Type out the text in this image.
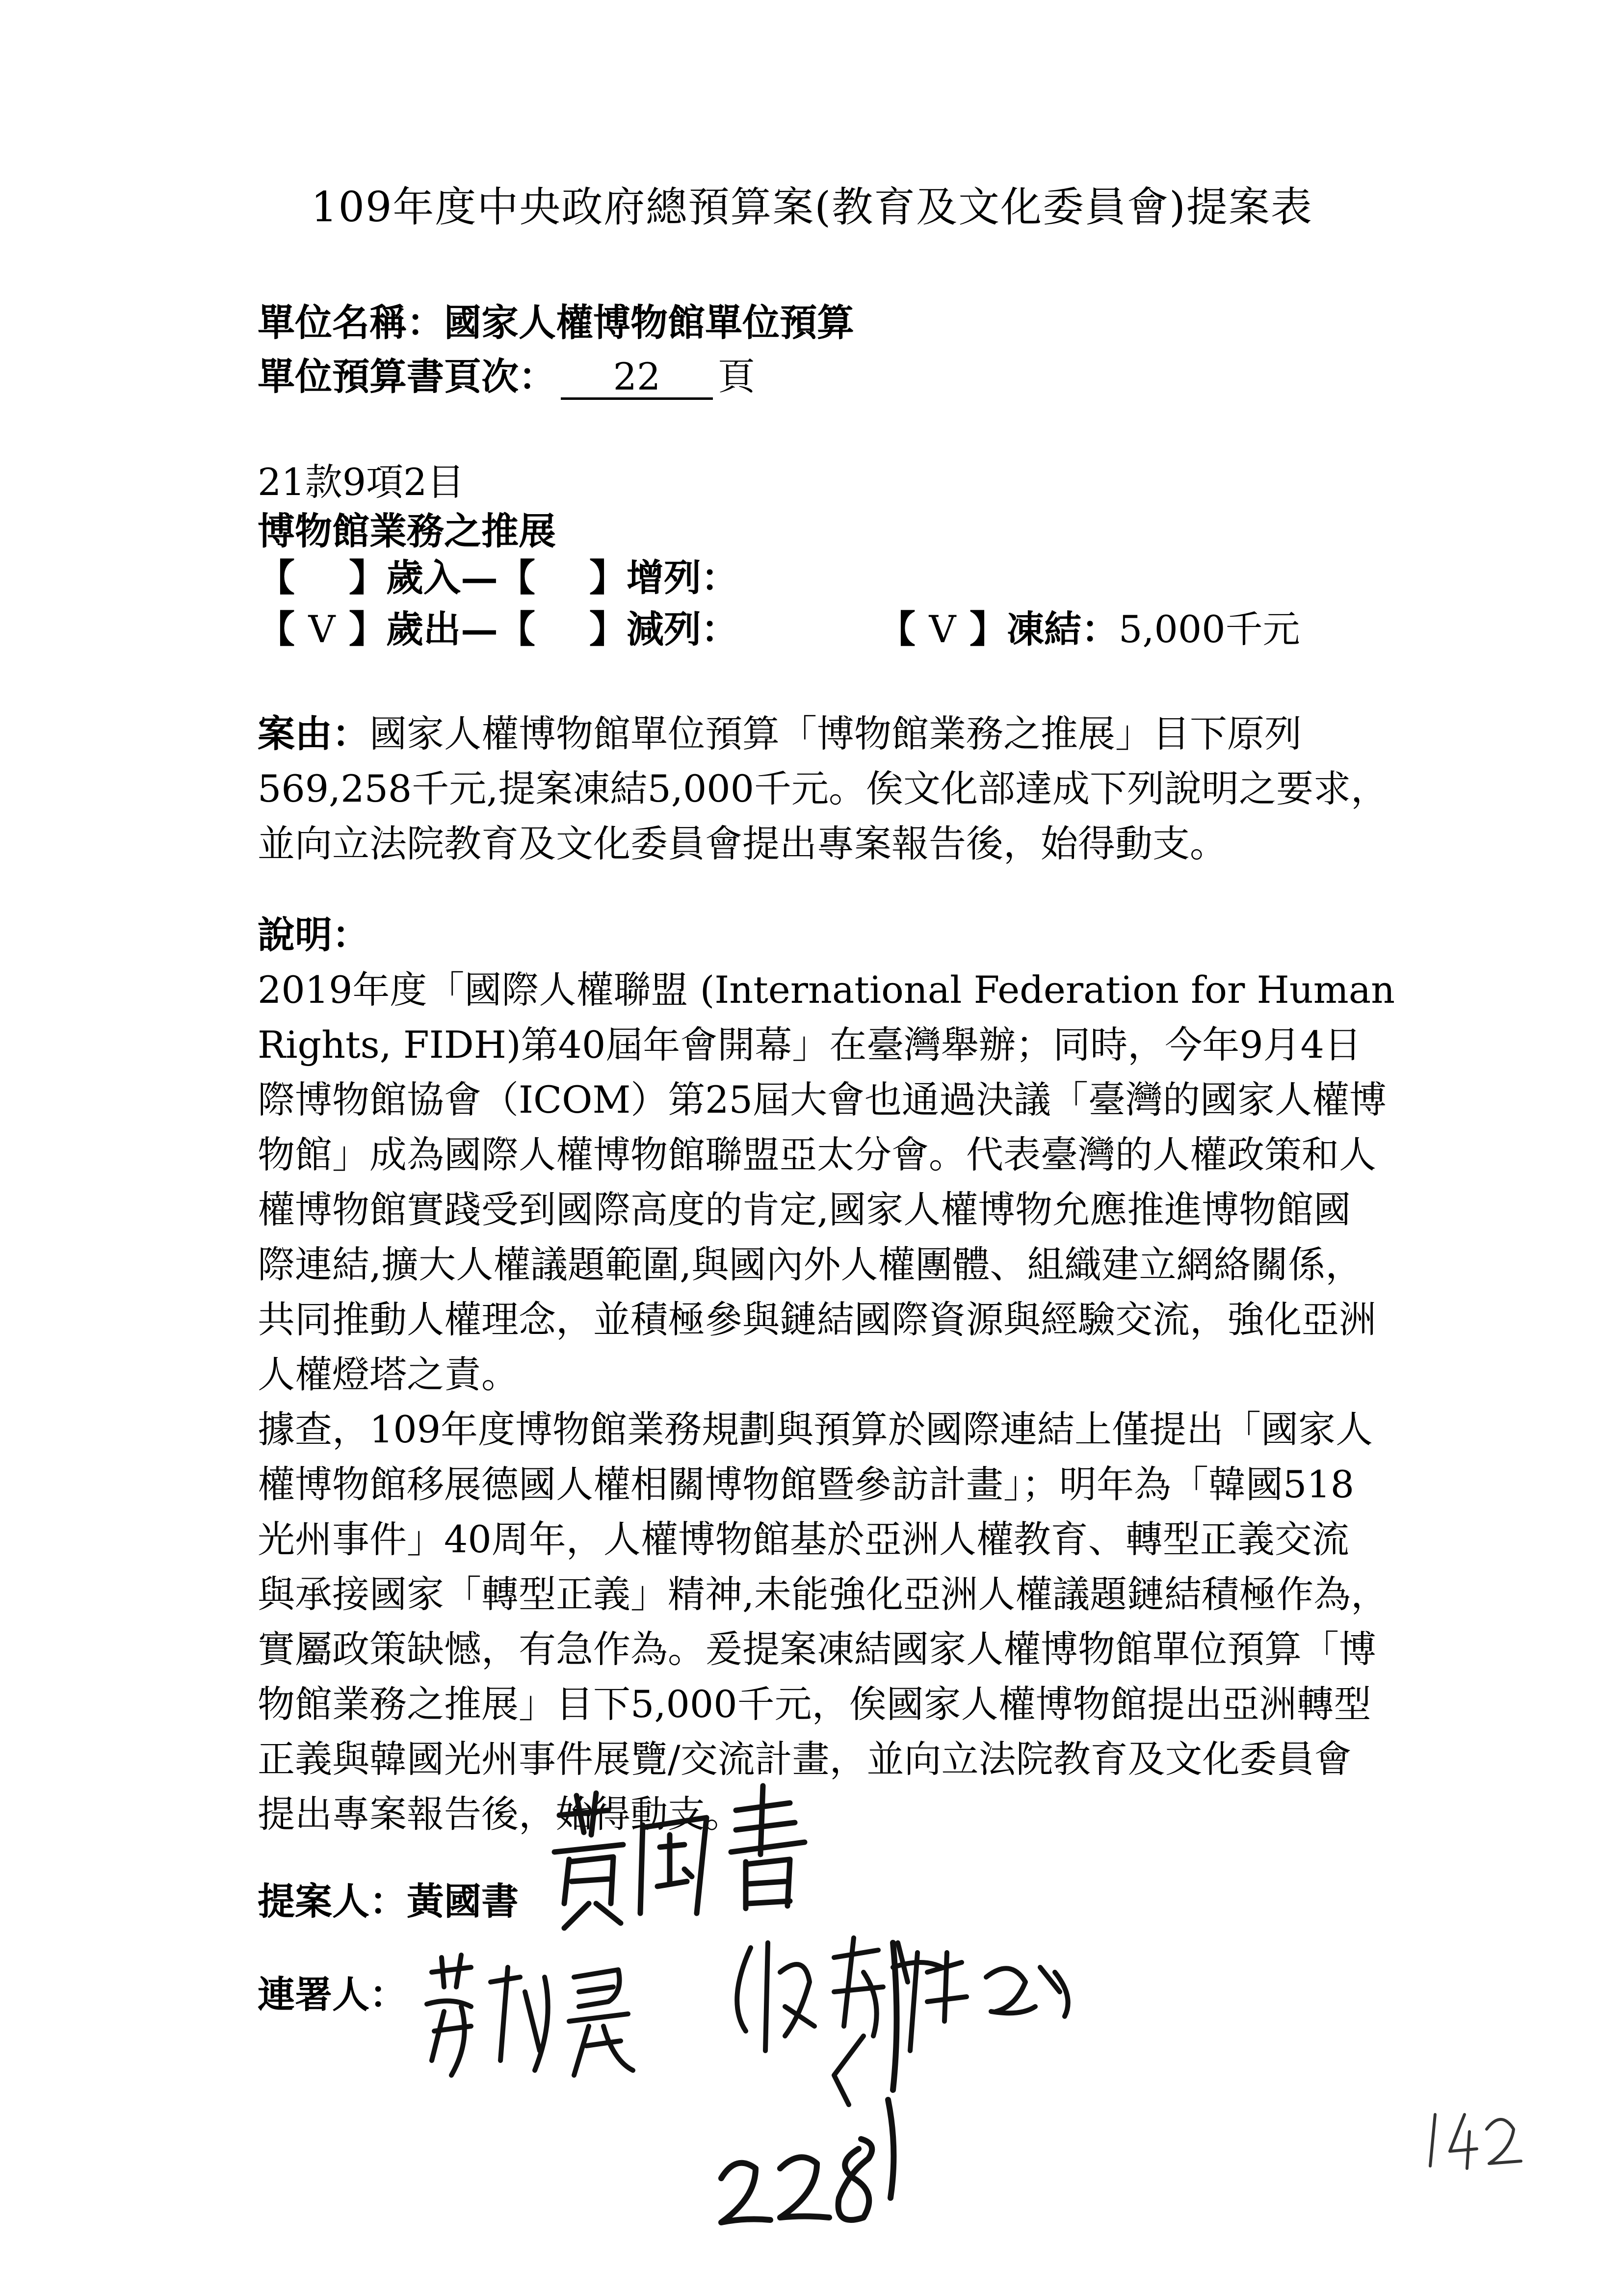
109年度中央政府總預算案(教育及文化委員會)提案表
單位名稱：國家人權博物館單位預算
單位預算書頁次： 22 頁
21款9項2目
博物館業務之推展
【 】歲入—【 】增列：
【 V 】歲出—【 】減列：	【 V 】凍結：5,000千元
案由：國家人權博物館單位預算「博物館業務之推展」目下原列
569,258千元,提案凍結5,000千元。俟文化部達成下列說明之要求，
並向立法院教育及文化委員會提出專案報告後，始得動支。
說明：
2019年度「國際人權聯盟 (International Federation for Human
Rights, FIDH)第40屆年會開幕」在臺灣舉辦；同時，今年9月4日
際博物館協會（ICOM）第25屆大會也通過決議「臺灣的國家人權博
物館」成為國際人權博物館聯盟亞太分會。代表臺灣的人權政策和人
權博物館實踐受到國際高度的肯定,國家人權博物允應推進博物館國
際連結,擴大人權議題範圍,與國內外人權團體、組織建立網絡關係，
共同推動人權理念，並積極參與鏈結國際資源與經驗交流，強化亞洲
人權燈塔之責。
據查，109年度博物館業務規劃與預算於國際連結上僅提出「國家人
權博物館移展德國人權相關博物館暨參訪計畫」；明年為「韓國518
光州事件」40周年，人權博物館基於亞洲人權教育、轉型正義交流
與承接國家「轉型正義」精神,未能強化亞洲人權議題鏈結積極作為，
實屬政策缺憾，有急作為。爰提案凍結國家人權博物館單位預算「博
物館業務之推展」目下5,000千元，俟國家人權博物館提出亞洲轉型
正義與韓國光州事件展覽/交流計畫，並向立法院教育及文化委員會
提出專案報告後，始得動支。
提案人：黃國書
連署人：
